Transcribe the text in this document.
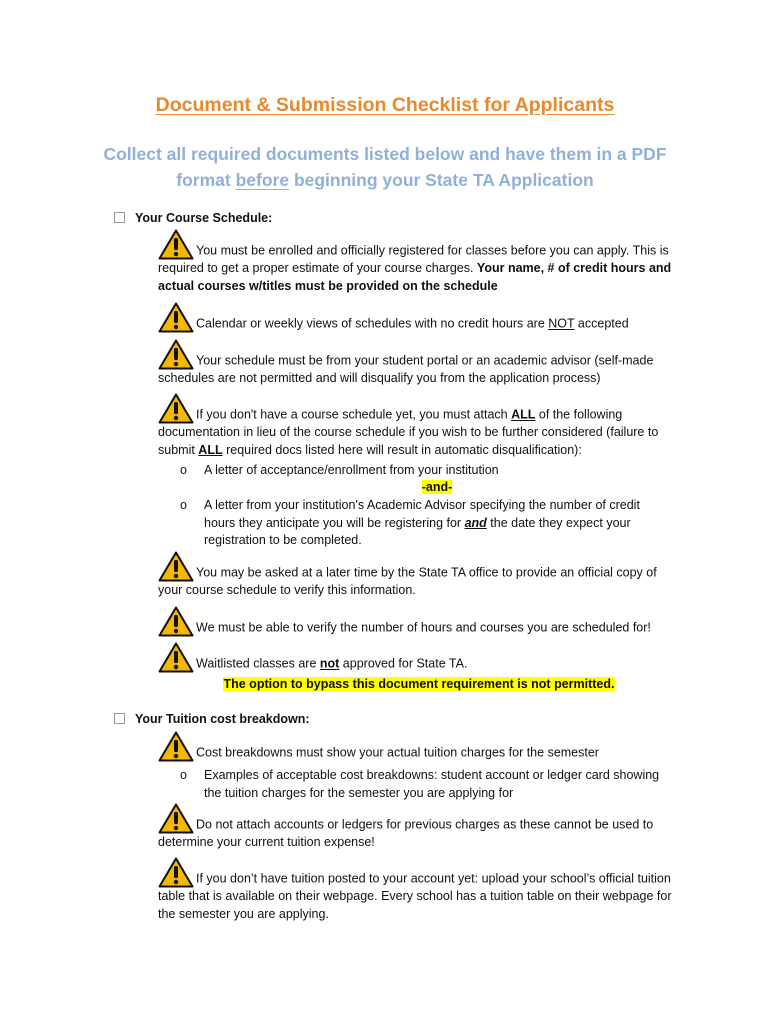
Document & Submission Checklist for Applicants
Collect all required documents listed below and have them in a PDF format before beginning your State TA Application
Your Course Schedule:
You must be enrolled and officially registered for classes before you can apply. This is required to get a proper estimate of your course charges. Your name, # of credit hours and actual courses w/titles must be provided on the schedule
Calendar or weekly views of schedules with no credit hours are NOT accepted
Your schedule must be from your student portal or an academic advisor (self-made schedules are not permitted and will disqualify you from the application process)
If you don't have a course schedule yet, you must attach ALL of the following documentation in lieu of the course schedule if you wish to be further considered (failure to submit ALL required docs listed here will result in automatic disqualification):
o A letter of acceptance/enrollment from your institution
-and-
o A letter from your institution's Academic Advisor specifying the number of credit hours they anticipate you will be registering for and the date they expect your registration to be completed.
You may be asked at a later time by the State TA office to provide an official copy of your course schedule to verify this information.
We must be able to verify the number of hours and courses you are scheduled for!
Waitlisted classes are not approved for State TA.
The option to bypass this document requirement is not permitted.
Your Tuition cost breakdown:
Cost breakdowns must show your actual tuition charges for the semester
o Examples of acceptable cost breakdowns: student account or ledger card showing the tuition charges for the semester you are applying for
Do not attach accounts or ledgers for previous charges as these cannot be used to determine your current tuition expense!
If you don’t have tuition posted to your account yet: upload your school’s official tuition table that is available on their webpage. Every school has a tuition table on their webpage for the semester you are applying.
